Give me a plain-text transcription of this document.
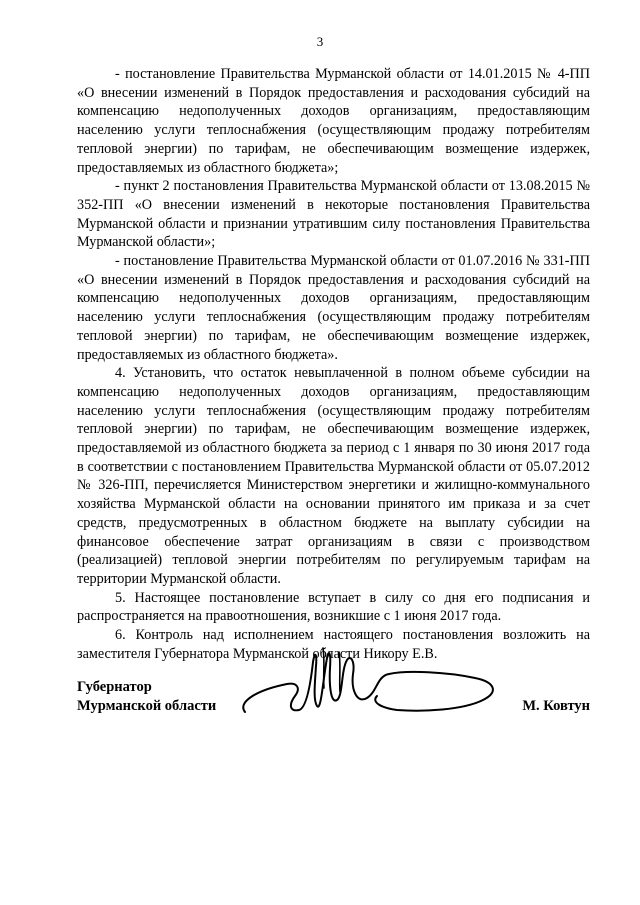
3

- постановление Правительства Мурманской области от 14.01.2015 № 4-ПП «О внесении изменений в Порядок предоставления и расходования субсидий на компенсацию недополученных доходов организациям, предоставляющим населению услуги теплоснабжения (осуществляющим продажу потребителям тепловой энергии) по тарифам, не обеспечивающим возмещение издержек, предоставляемых из областного бюджета»;

- пункт 2 постановления Правительства Мурманской области от 13.08.2015 № 352-ПП «О внесении изменений в некоторые постановления Правительства Мурманской области и признании утратившим силу постановления Правительства Мурманской области»;

- постановление Правительства Мурманской области от 01.07.2016 № 331-ПП «О внесении изменений в Порядок предоставления и расходования субсидий на компенсацию недополученных доходов организациям, предоставляющим населению услуги теплоснабжения (осуществляющим продажу потребителям тепловой энергии) по тарифам, не обеспечивающим возмещение издержек, предоставляемых из областного бюджета».

4. Установить, что остаток невыплаченной в полном объеме субсидии на компенсацию недополученных доходов организациям, предоставляющим населению услуги теплоснабжения (осуществляющим продажу потребителям тепловой энергии) по тарифам, не обеспечивающим возмещение издержек, предоставляемой из областного бюджета за период с 1 января по 30 июня 2017 года в соответствии с постановлением Правительства Мурманской области от 05.07.2012 № 326-ПП, перечисляется Министерством энергетики и жилищно-коммунального хозяйства Мурманской области на основании принятого им приказа и за счет средств, предусмотренных в областном бюджете на выплату субсидии на финансовое обеспечение затрат организациям в связи с производством (реализацией) тепловой энергии потребителям по регулируемым тарифам на территории Мурманской области.

5. Настоящее постановление вступает в силу со дня его подписания и распространяется на правоотношения, возникшие с 1 июня 2017 года.

6. Контроль над исполнением настоящего постановления возложить на заместителя Губернатора Мурманской области Никору Е.В.

Губернатор
Мурманской области	М. Ковтун
